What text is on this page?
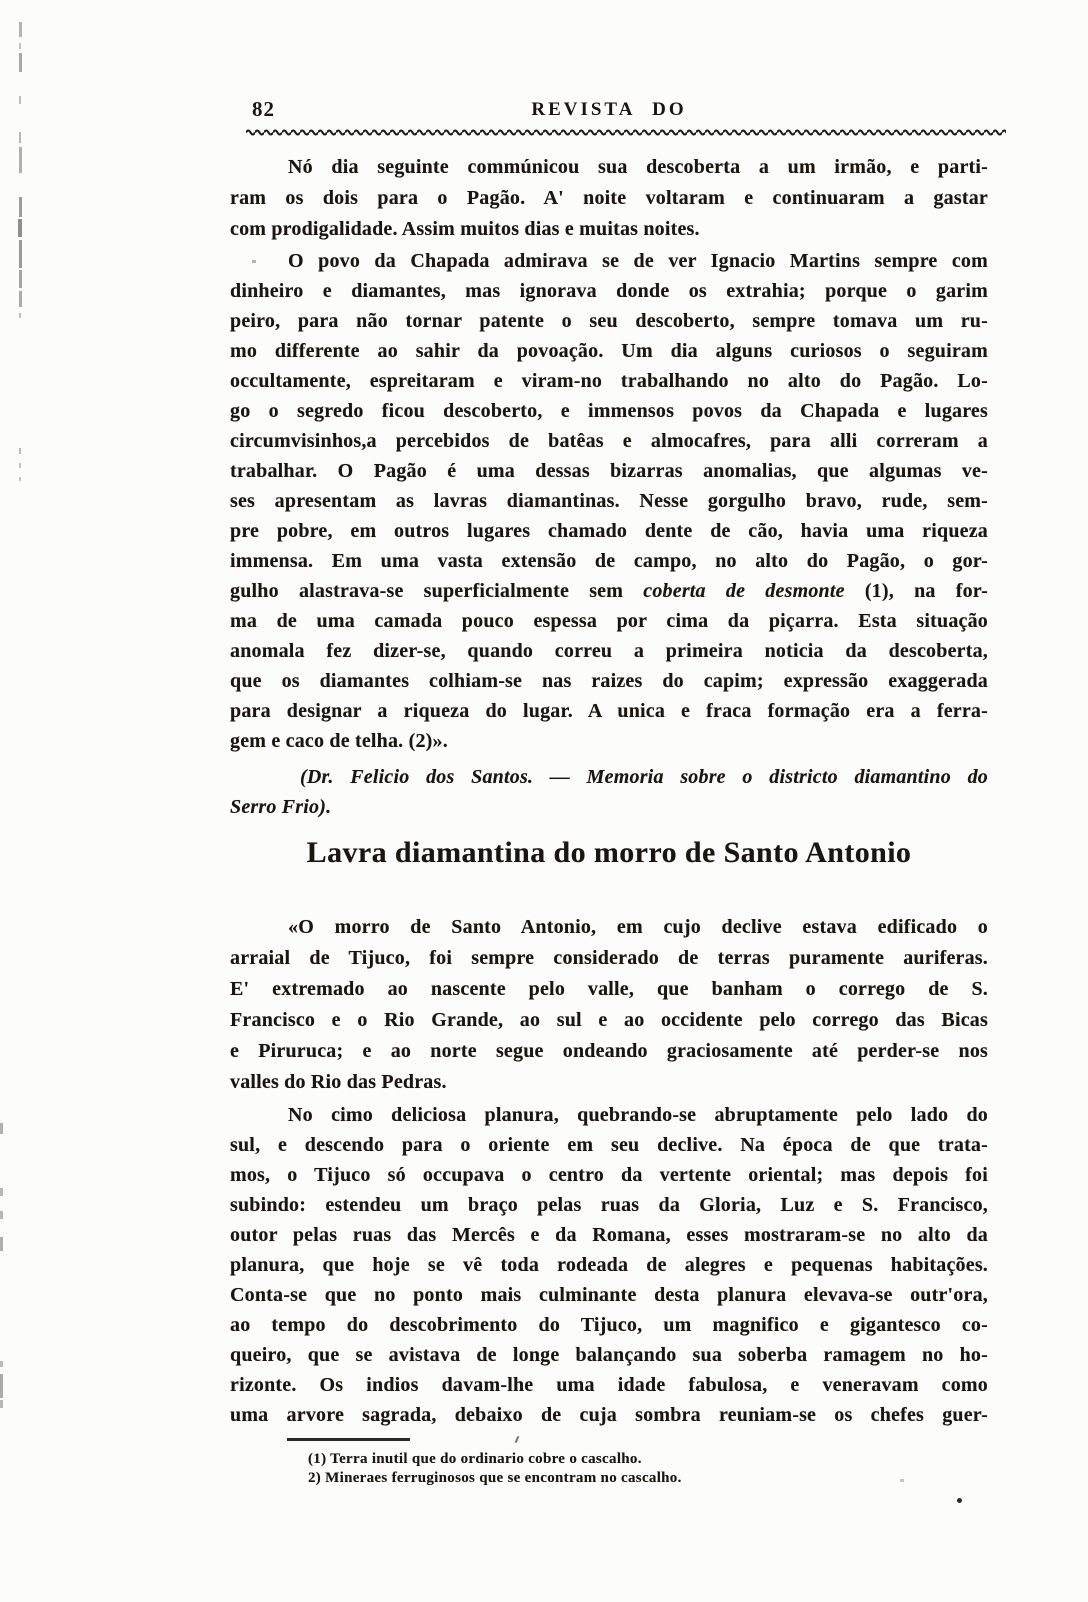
82	REVISTA DO
Nó dia seguinte commúnicou sua descoberta a um irmão, e parti-
ram os dois para o Pagão. A' noite voltaram e continuaram a gastar
com prodigalidade. Assim muitos dias e muitas noites.
O povo da Chapada admirava se de ver Ignacio Martins sempre com
dinheiro e diamantes, mas ignorava donde os extrahia; porque o garim
peiro, para não tornar patente o seu descoberto, sempre tomava um ru-
mo differente ao sahir da povoação. Um dia alguns curiosos o seguiram
occultamente, espreitaram e viram-no trabalhando no alto do Pagão. Lo-
go o segredo ficou descoberto, e immensos povos da Chapada e lugares
circumvisinhos,a percebidos de batêas e almocafres, para alli correram a
trabalhar. O Pagão é uma dessas bizarras anomalias, que algumas ve-
ses apresentam as lavras diamantinas. Nesse gorgulho bravo, rude, sem-
pre pobre, em outros lugares chamado dente de cão, havia uma riqueza
immensa. Em uma vasta extensão de campo, no alto do Pagão, o gor-
gulho alastrava-se superficialmente sem coberta de desmonte (1), na for-
ma de uma camada pouco espessa por cima da piçarra. Esta situação
anomala fez dizer-se, quando correu a primeira noticia da descoberta,
que os diamantes colhiam-se nas raizes do capim; expressão exaggerada
para designar a riqueza do lugar. A unica e fraca formação era a ferra-
gem e caco de telha. (2)».
(Dr. Felicio dos Santos. — Memoria sobre o districto diamantino do
Serro Frio).
Lavra diamantina do morro de Santo Antonio
«O morro de Santo Antonio, em cujo declive estava edificado o
arraial de Tijuco, foi sempre considerado de terras puramente auriferas.
E' extremado ao nascente pelo valle, que banham o corrego de S.
Francisco e o Rio Grande, ao sul e ao occidente pelo corrego das Bicas
e Piruruca; e ao norte segue ondeando graciosamente até perder-se nos
valles do Rio das Pedras.
No cimo deliciosa planura, quebrando-se abruptamente pelo lado do
sul, e descendo para o oriente em seu declive. Na época de que trata-
mos, o Tijuco só occupava o centro da vertente oriental; mas depois foi
subindo: estendeu um braço pelas ruas da Gloria, Luz e S. Francisco,
outor pelas ruas das Mercês e da Romana, esses mostraram-se no alto da
planura, que hoje se vê toda rodeada de alegres e pequenas habitações.
Conta-se que no ponto mais culminante desta planura elevava-se outr'ora,
ao tempo do descobrimento do Tijuco, um magnifico e gigantesco co-
queiro, que se avistava de longe balançando sua soberba ramagem no ho-
rizonte. Os indios davam-lhe uma idade fabulosa, e veneravam como
uma arvore sagrada, debaixo de cuja sombra reuniam-se os chefes guer-
(1) Terra inutil que do ordinario cobre o cascalho.
2) Mineraes ferruginosos que se encontram no cascalho.
